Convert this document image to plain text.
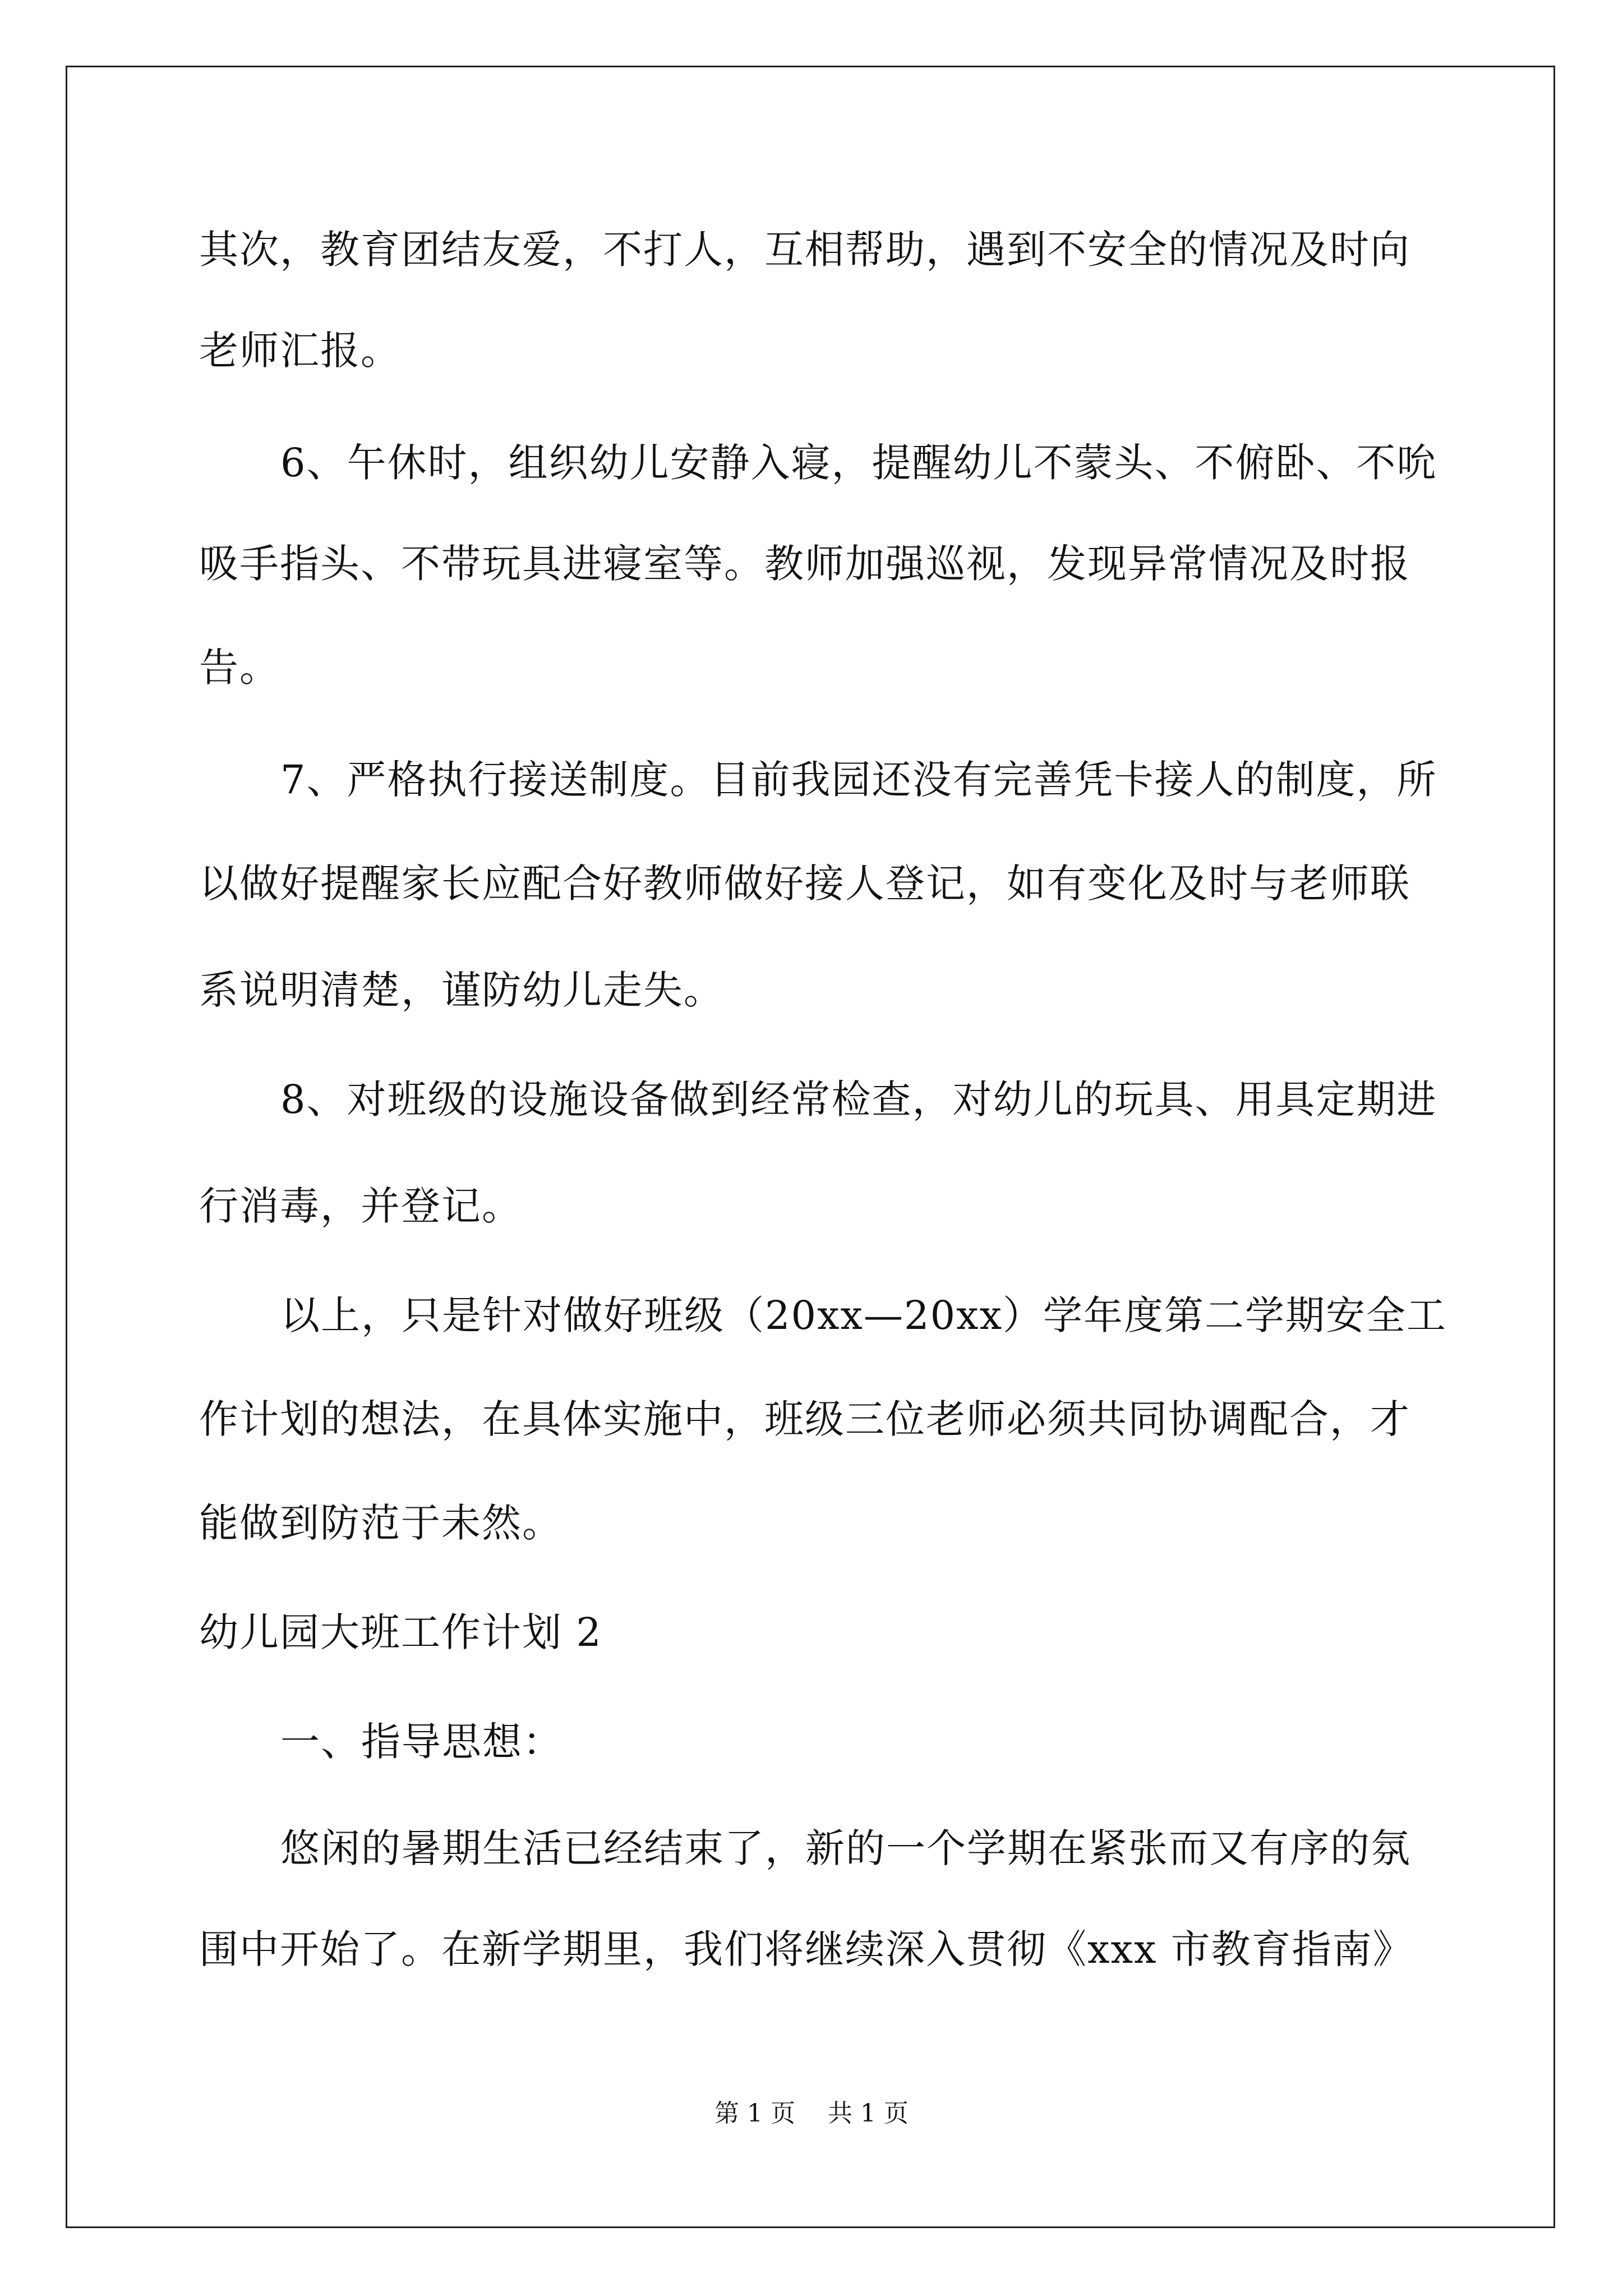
其次，教育团结友爱，不打人，互相帮助，遇到不安全的情况及时向
老师汇报。
6、午休时，组织幼儿安静入寝，提醒幼儿不蒙头、不俯卧、不吮
吸手指头、不带玩具进寝室等。教师加强巡视，发现异常情况及时报
告。
7、严格执行接送制度。目前我园还没有完善凭卡接人的制度，所
以做好提醒家长应配合好教师做好接人登记，如有变化及时与老师联
系说明清楚，谨防幼儿走失。
8、对班级的设施设备做到经常检查，对幼儿的玩具、用具定期进
行消毒，并登记。
以上，只是针对做好班级（20xx—20xx）学年度第二学期安全工
作计划的想法，在具体实施中，班级三位老师必须共同协调配合，才
能做到防范于未然。
幼儿园大班工作计划 2
一、指导思想：
悠闲的暑期生活已经结束了，新的一个学期在紧张而又有序的氛
围中开始了。在新学期里，我们将继续深入贯彻《xxx 市教育指南》
第 1 页　 共 1 页
